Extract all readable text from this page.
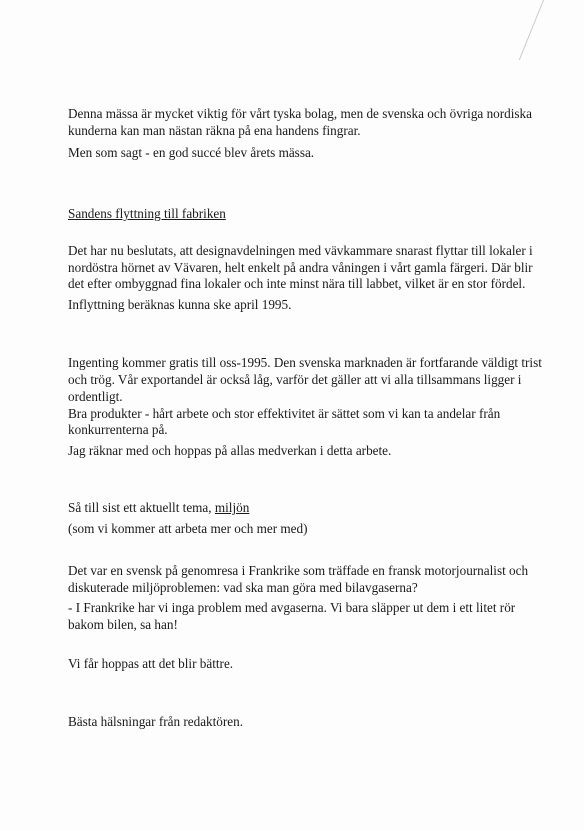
Denna mässa är mycket viktig för vårt tyska bolag, men de svenska och övriga nordiska

kunderna kan man nästan räkna på ena handens fingrar.

Men som sagt - en god succé blev årets mässa.

Sandens flyttning till fabriken

Det har nu beslutats, att designavdelningen med vävkammare snarast flyttar till lokaler i

nordöstra hörnet av Vävaren, helt enkelt på andra våningen i vårt gamla färgeri. Där blir

det efter ombyggnad fina lokaler och inte minst nära till labbet, vilket är en stor fördel.

Inflyttning beräknas kunna ske april 1995.

Ingenting kommer gratis till oss-1995. Den svenska marknaden är fortfarande väldigt trist

och trög. Vår exportandel är också låg, varför det gäller att vi alla tillsammans ligger i

ordentligt.

Bra produkter - hårt arbete och stor effektivitet är sättet som vi kan ta andelar från

konkurrenterna på.

Jag räknar med och hoppas på allas medverkan i detta arbete.

Så till sist ett aktuellt tema, miljön

(som vi kommer att arbeta mer och mer med)

Det var en svensk på genomresa i Frankrike som träffade en fransk motorjournalist och

diskuterade miljöproblemen: vad ska man göra med bilavgaserna?

- I Frankrike har vi inga problem med avgaserna. Vi bara släpper ut dem i ett litet rör

bakom bilen, sa han!

Vi får hoppas att det blir bättre.

Bästa hälsningar från redaktören.
